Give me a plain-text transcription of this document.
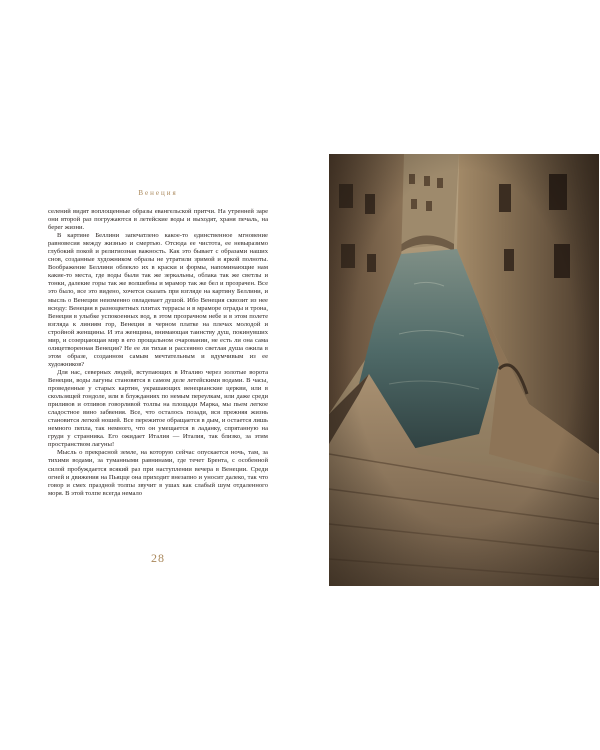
Венеция

селений видят воплощенные образы евангельской притчи. На утренней заре они второй раз погружаются в летейские воды и выходят, храня печаль, на берег жизни.

В картине Беллини запечатлено какое-то единственное мгновение равновесия между жизнью и смертью. Отсюда ее чистота, ее невыразимо глубокий покой и религиозная важность. Как это бывает с образами наших снов, созданные художником образы не утратили зримой и яркой полноты. Воображение Беллини облекло их в краски и формы, напоминающие нам какие-то места, где воды были так же зеркальны, облака так же светлы и тонки, далекие горы так же волшебны и мрамор так же бел и прозрачен. Все это было, все это видено, хочется сказать при взгляде на картину Беллини, и мысль о Венеции неизменно овладевает душой. Ибо Венеция сквозит из нее всюду: Венеция в разноцветных плитах террасы и в мраморе ограды и трона, Венеция в улыбке успокоенных вод, в этом прозрачном небе и в этом полете взгляда к линиям гор, Венеция в черном платке на плечах молодой и стройной женщины. И эта женщина, внимающая таинству душ, покинувших мир, и созерцающая мир в его прощальном очаровании, не есть ли она сама олицетворенная Венеция? Не ее ли тихая и рассеянно светлая душа ожила в этом образе, созданном самым мечтательным и вдумчивым из ее художников?

Для нас, северных людей, вступающих в Италию через золотые ворота Венеции, воды лагуны становятся в самом деле летейскими водами. В часы, проведенные у старых картин, украшающих венецианские церкви, или в скользящей гондоле, или в блужданиях по немым переулкам, или даже среди приливов и отливов говорливой толпы на площади Марка, мы пьем легкое сладостное вино забвения. Все, что осталось позади, вся прежняя жизнь становится легкой ношей. Все пережитое обращается в дым, и остается лишь немного пепла, так немного, что он умещается в ладанку, спрятанную на груди у странника. Его ожидает Италия — Италия, так близко, за этим пространством лагуны!

Мысль о прекрасной земле, на которую сейчас опускается ночь, там, за тихими водами, за туманными равнинами, где течет Брента, с особенной силой пробуждается всякий раз при наступлении вечера в Венеции. Среди огней и движения на Пьяцце она приходит внезапно и уносит далеко, так что говор и смех праздной толпы звучит в ушах как слабый шум отдаленного моря. В этой толпе всегда немало

28
